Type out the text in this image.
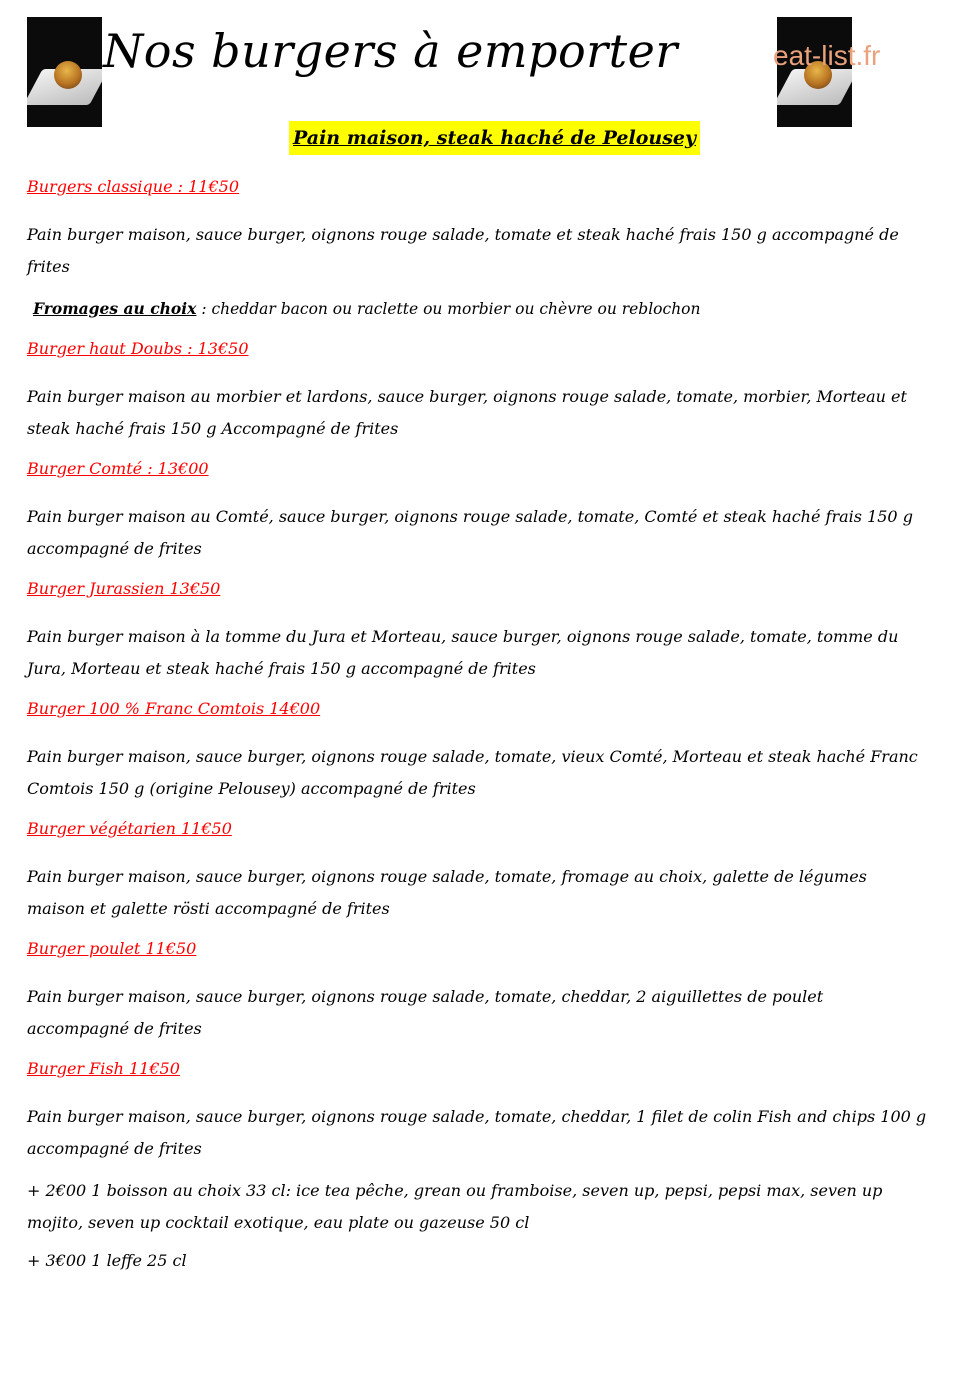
Nos burgers à emporter	eat-list.fr
Pain maison, steak haché de Pelousey
Burgers classique : 11€50
Pain burger maison, sauce burger, oignons rouge salade, tomate et steak haché frais 150 g accompagné de frites
Fromages au choix : cheddar bacon ou raclette ou morbier ou chèvre ou reblochon
Burger haut Doubs : 13€50
Pain burger maison au morbier et lardons, sauce burger, oignons rouge salade, tomate, morbier, Morteau et steak haché frais 150 g Accompagné de frites
Burger Comté : 13€00
Pain burger maison au Comté, sauce burger, oignons rouge salade, tomate, Comté et steak haché frais 150 g accompagné de frites
Burger Jurassien 13€50
Pain burger maison à la tomme du Jura et Morteau, sauce burger, oignons rouge salade, tomate, tomme du Jura, Morteau et steak haché frais 150 g accompagné de frites
Burger 100 % Franc Comtois 14€00
Pain burger maison, sauce burger, oignons rouge salade, tomate, vieux Comté, Morteau et steak haché Franc Comtois 150 g (origine Pelousey) accompagné de frites
Burger végétarien 11€50
Pain burger maison, sauce burger, oignons rouge salade, tomate, fromage au choix, galette de légumes maison et galette rösti accompagné de frites
Burger poulet 11€50
Pain burger maison, sauce burger, oignons rouge salade, tomate, cheddar, 2 aiguillettes de poulet accompagné de frites
Burger Fish 11€50
Pain burger maison, sauce burger, oignons rouge salade, tomate, cheddar, 1 filet de colin Fish and chips 100 g accompagné de frites
+ 2€00 1 boisson au choix 33 cl: ice tea pêche, grean ou framboise, seven up, pepsi, pepsi max, seven up mojito, seven up cocktail exotique, eau plate ou gazeuse 50 cl
+ 3€00 1 leffe 25 cl
